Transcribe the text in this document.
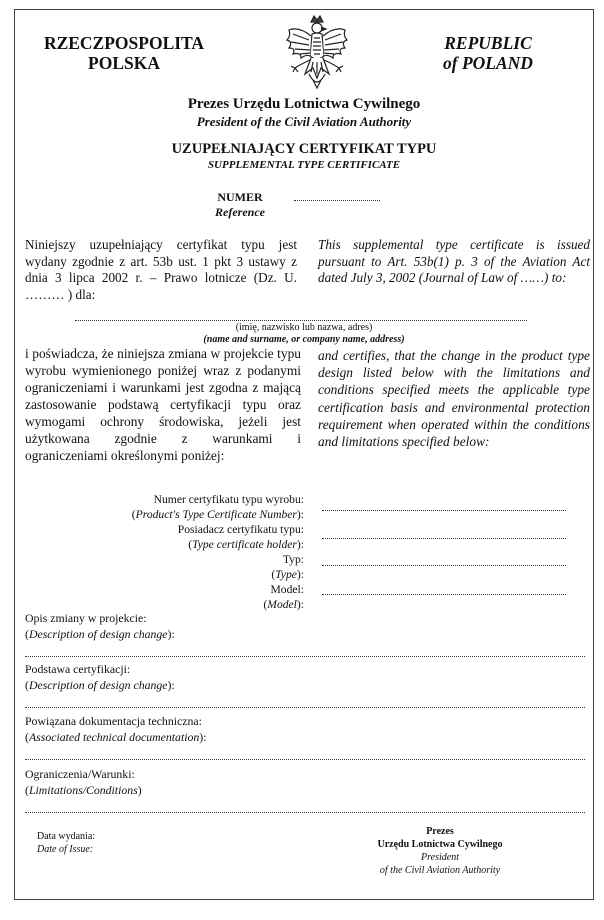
RZECZPOSPOLITA
POLSKA
REPUBLIC
of POLAND
Prezes Urzędu Lotnictwa Cywilnego
President of the Civil Aviation Authority
UZUPEŁNIAJĄCY CERTYFIKAT TYPU
SUPPLEMENTAL TYPE CERTIFICATE
NUMER
Reference
Niniejszy uzupełniający certyfikat typu jest wydany zgodnie z art. 53b ust. 1 pkt 3 ustawy z dnia 3 lipca 2002 r. – Prawo lotnicze (Dz. U. ……… ) dla:
This supplemental type certificate is issued pursuant to Art. 53b(1) p. 3 of the Aviation Act dated July 3, 2002 (Journal of Law of ……) to:
(imię, nazwisko lub nazwa, adres)
(name and surname, or company name, address)
i poświadcza, że niniejsza zmiana w projekcie typu wyrobu wymienionego poniżej wraz z podanymi ograniczeniami i warunkami jest zgodna z mającą zastosowanie podstawą certyfikacji typu oraz wymogami ochrony środowiska, jeżeli jest użytkowana zgodnie z warunkami i ograniczeniami określonymi poniżej:
and certifies, that the change in the product type design listed below with the limitations and conditions specified meets the applicable type certification basis and environmental protection requirement when operated within the conditions and limitations specified below:
Numer certyfikatu typu wyrobu:
(Product's Type Certificate Number):
Posiadacz certyfikatu typu:
(Type certificate holder):
Typ:
(Type):
Model:
(Model):
Opis zmiany w projekcie:
(Description of design change):
Podstawa certyfikacji:
(Description of design change):
Powiązana dokumentacja techniczna:
(Associated technical documentation):
Ograniczenia/Warunki:
(Limitations/Conditions)
Data wydania:
Date of Issue:
Prezes
Urzędu Lotnictwa Cywilnego
President
of the Civil Aviation Authority
